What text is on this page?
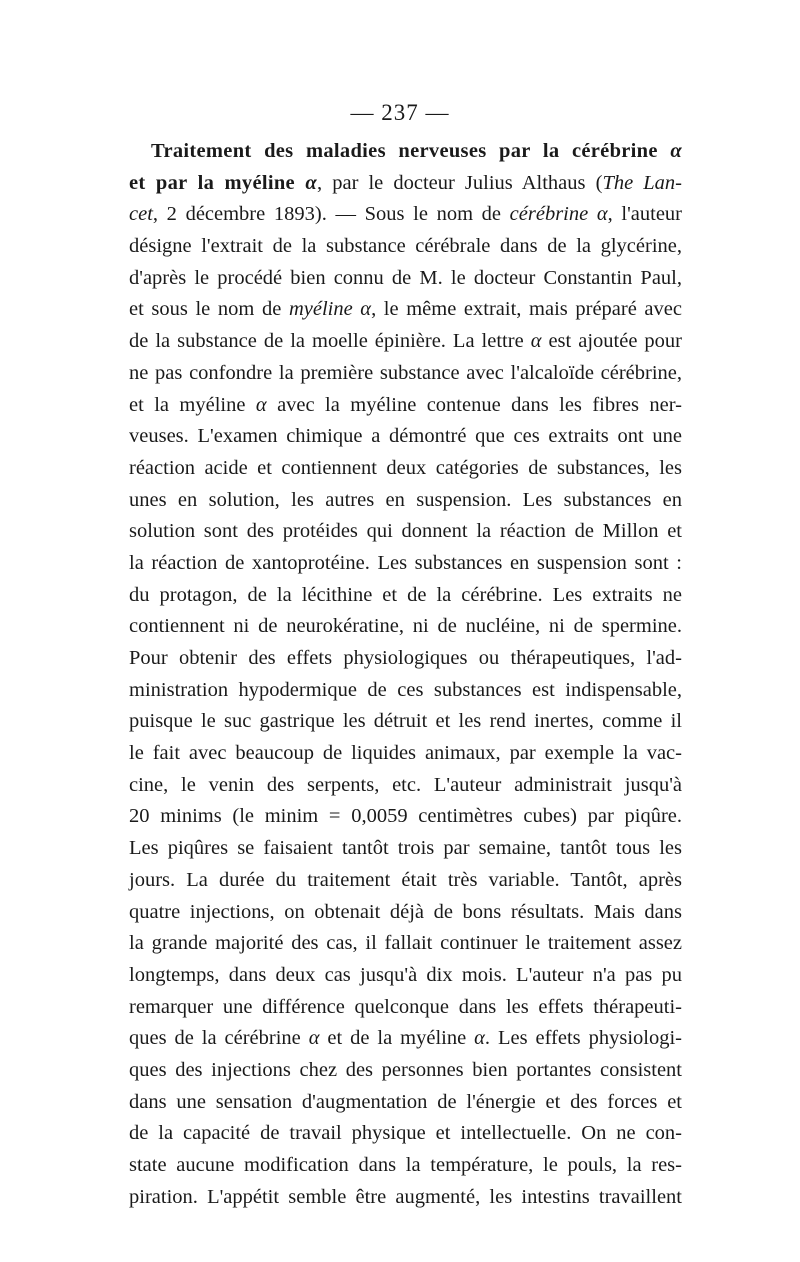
— 237 —
Traitement des maladies nerveuses par la cérébrine α
et par la myéline α, par le docteur Julius Althaus (The Lan-
cet, 2 décembre 1893). — Sous le nom de cérébrine α, l'auteur
désigne l'extrait de la substance cérébrale dans de la glycérine,
d'après le procédé bien connu de M. le docteur Constantin Paul,
et sous le nom de myéline α, le même extrait, mais préparé avec
de la substance de la moelle épinière. La lettre α est ajoutée pour
ne pas confondre la première substance avec l'alcaloïde cérébrine,
et la myéline α avec la myéline contenue dans les fibres ner-
veuses. L'examen chimique a démontré que ces extraits ont une
réaction acide et contiennent deux catégories de substances, les
unes en solution, les autres en suspension. Les substances en
solution sont des protéides qui donnent la réaction de Millon et
la réaction de xantoprotéine. Les substances en suspension sont :
du protagon, de la lécithine et de la cérébrine. Les extraits ne
contiennent ni de neurokératine, ni de nucléine, ni de spermine.
Pour obtenir des effets physiologiques ou thérapeutiques, l'ad-
ministration hypodermique de ces substances est indispensable,
puisque le suc gastrique les détruit et les rend inertes, comme il
le fait avec beaucoup de liquides animaux, par exemple la vac-
cine, le venin des serpents, etc. L'auteur administrait jusqu'à
20 minims (le minim = 0,0059 centimètres cubes) par piqûre.
Les piqûres se faisaient tantôt trois par semaine, tantôt tous les
jours. La durée du traitement était très variable. Tantôt, après
quatre injections, on obtenait déjà de bons résultats. Mais dans
la grande majorité des cas, il fallait continuer le traitement assez
longtemps, dans deux cas jusqu'à dix mois. L'auteur n'a pas pu
remarquer une différence quelconque dans les effets thérapeuti-
ques de la cérébrine α et de la myéline α. Les effets physiologi-
ques des injections chez des personnes bien portantes consistent
dans une sensation d'augmentation de l'énergie et des forces et
de la capacité de travail physique et intellectuelle. On ne con-
state aucune modification dans la température, le pouls, la res-
piration. L'appétit semble être augmenté, les intestins travaillent
